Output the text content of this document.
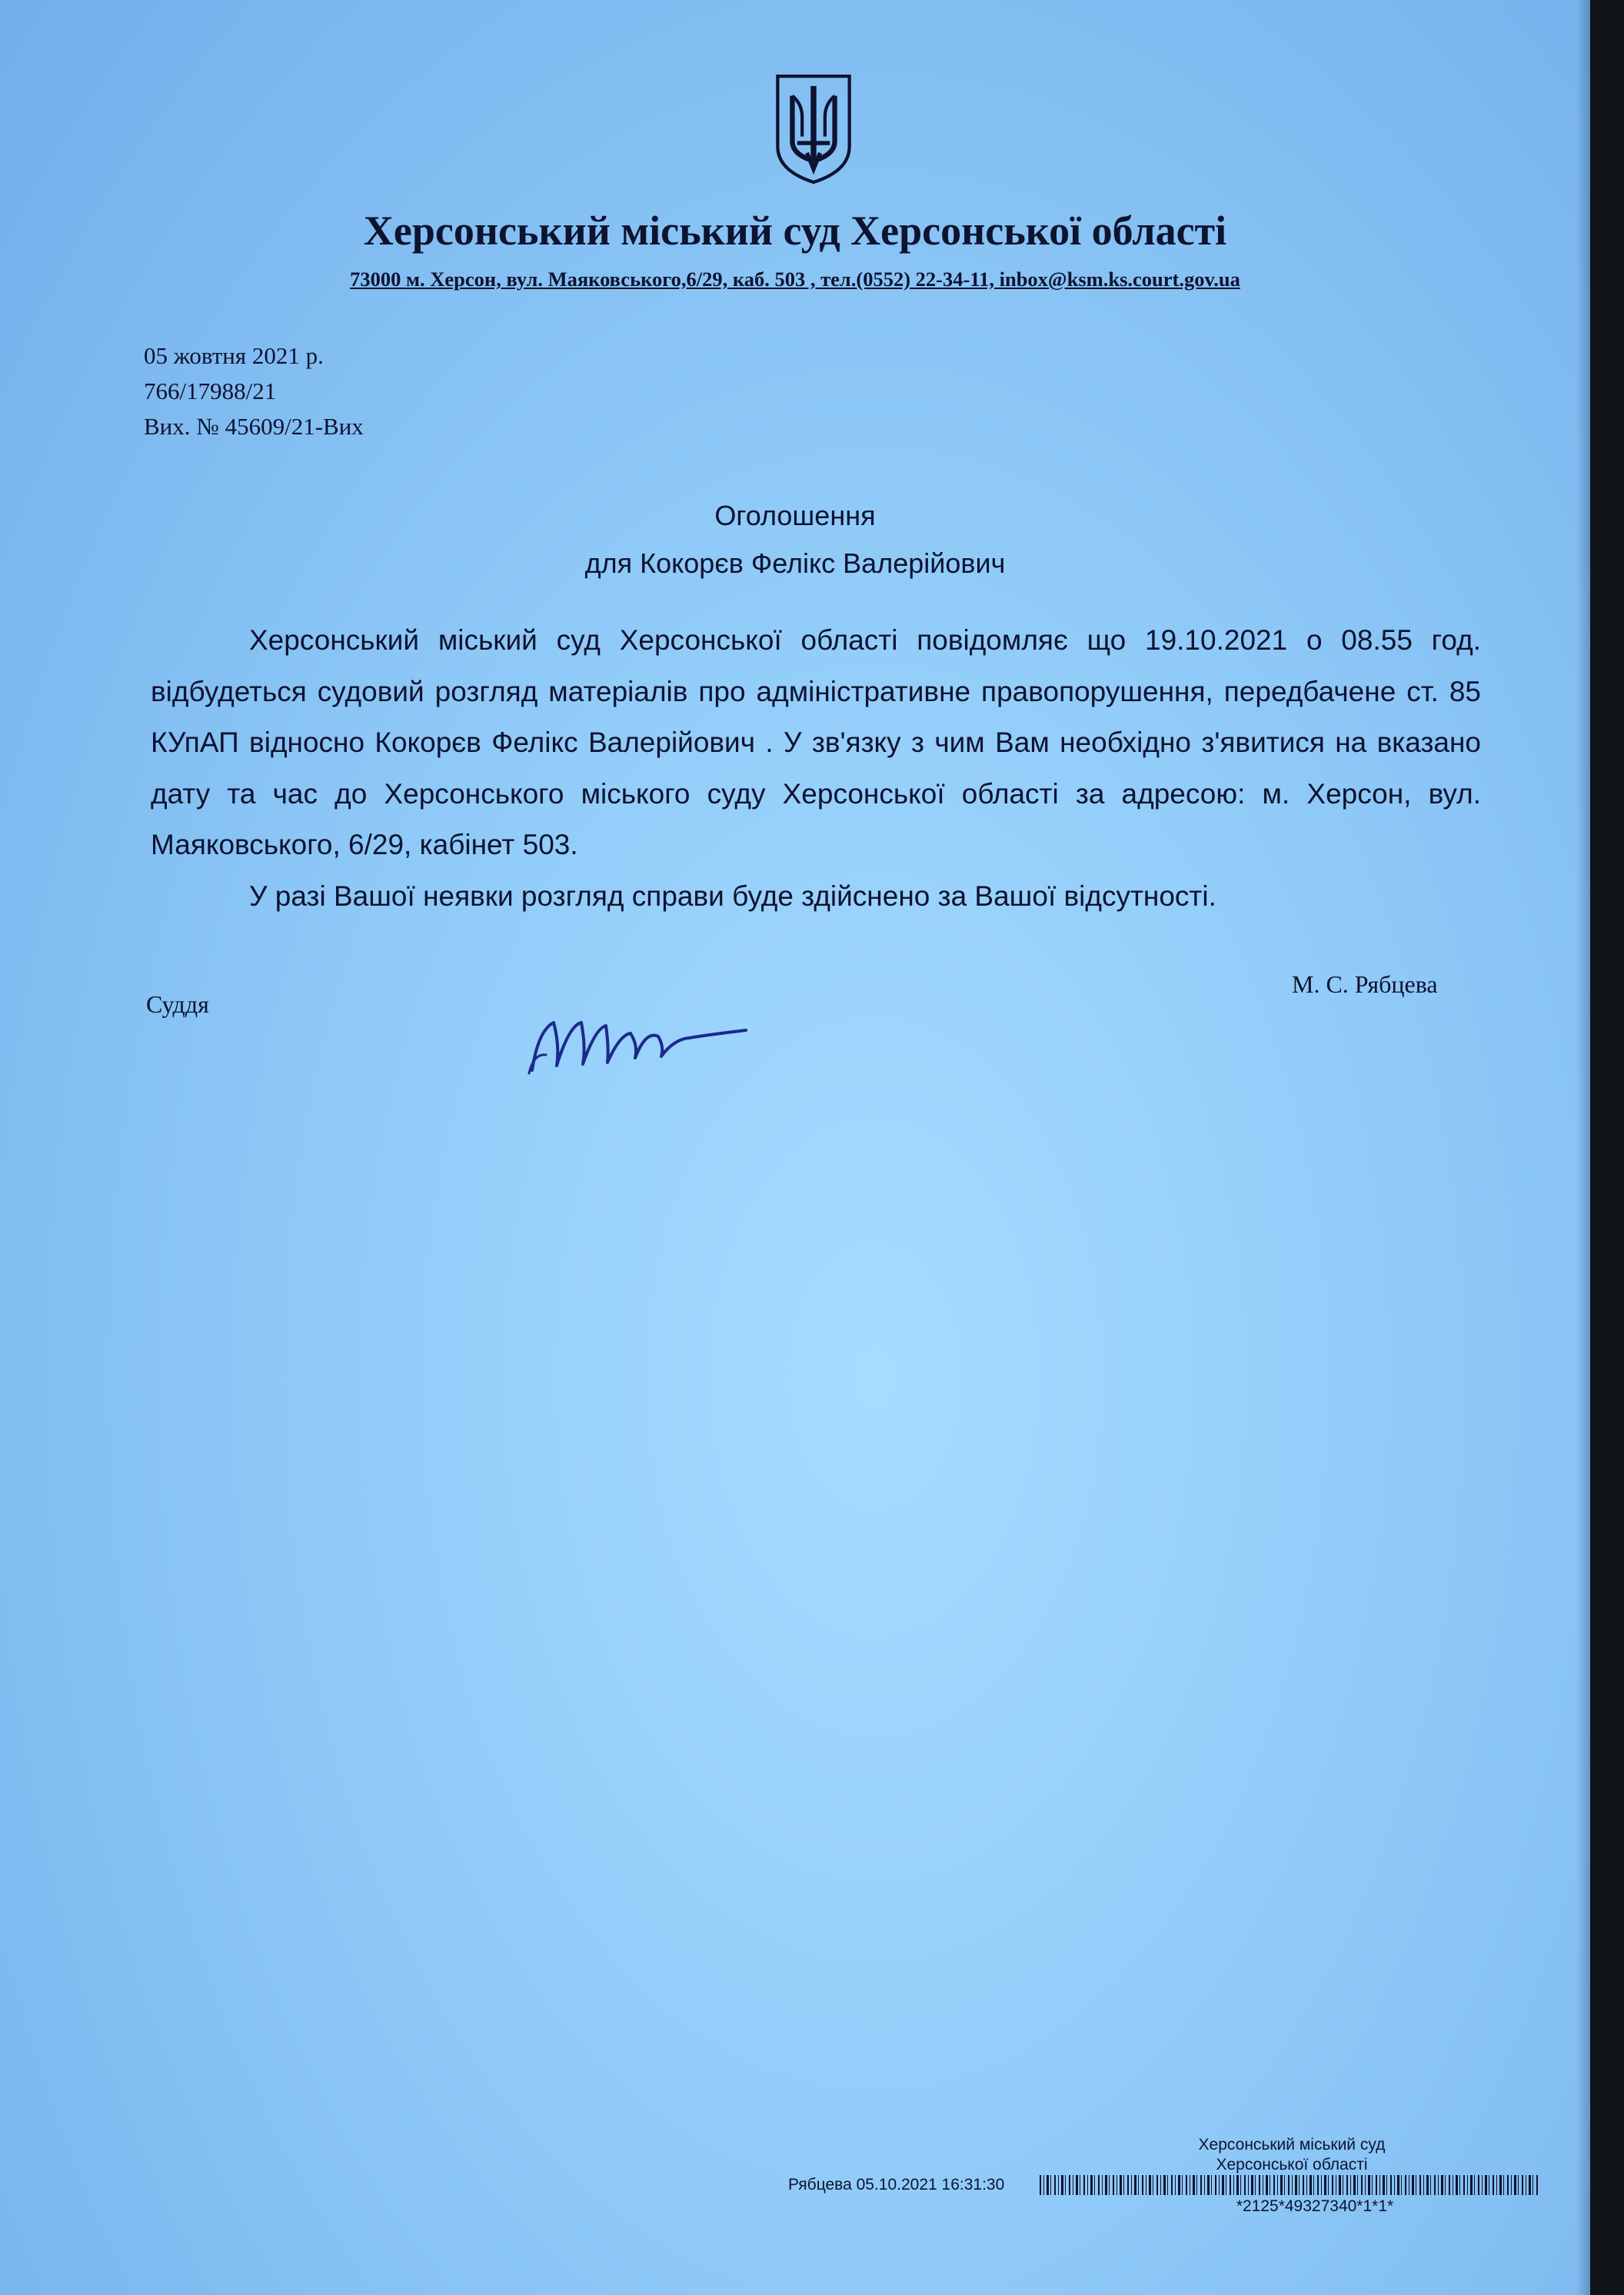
Херсонський міський суд Херсонської області
73000 м. Херсон, вул. Маяковського,6/29, каб. 503 , тел.(0552) 22-34-11, inbox@ksm.ks.court.gov.ua
05 жовтня 2021 р.
766/17988/21
Вих. № 45609/21-Вих
Оголошення
для Кокорєв Фелікс Валерійович

Херсонський міський суд Херсонської області повідомляє що 19.10.2021 о 08.55 год. відбудеться судовий розгляд матеріалів про адміністративне правопорушення, передбачене ст. 85 КУпАП відносно Кокорєв Фелікс Валерійович . У зв'язку з чим Вам необхідно з'явитися на вказано дату та час до Херсонського міського суду Херсонської області за адресою: м. Херсон, вул. Маяковського, 6/29, кабінет 503.

У разі Вашої неявки розгляд справи буде здійснено за Вашої відсутності.

Суддя
М. С. Рябцева
Херсонський міський суд
Херсонської області
Рябцева 05.10.2021 16:31:30
*2125*49327340*1*1*
